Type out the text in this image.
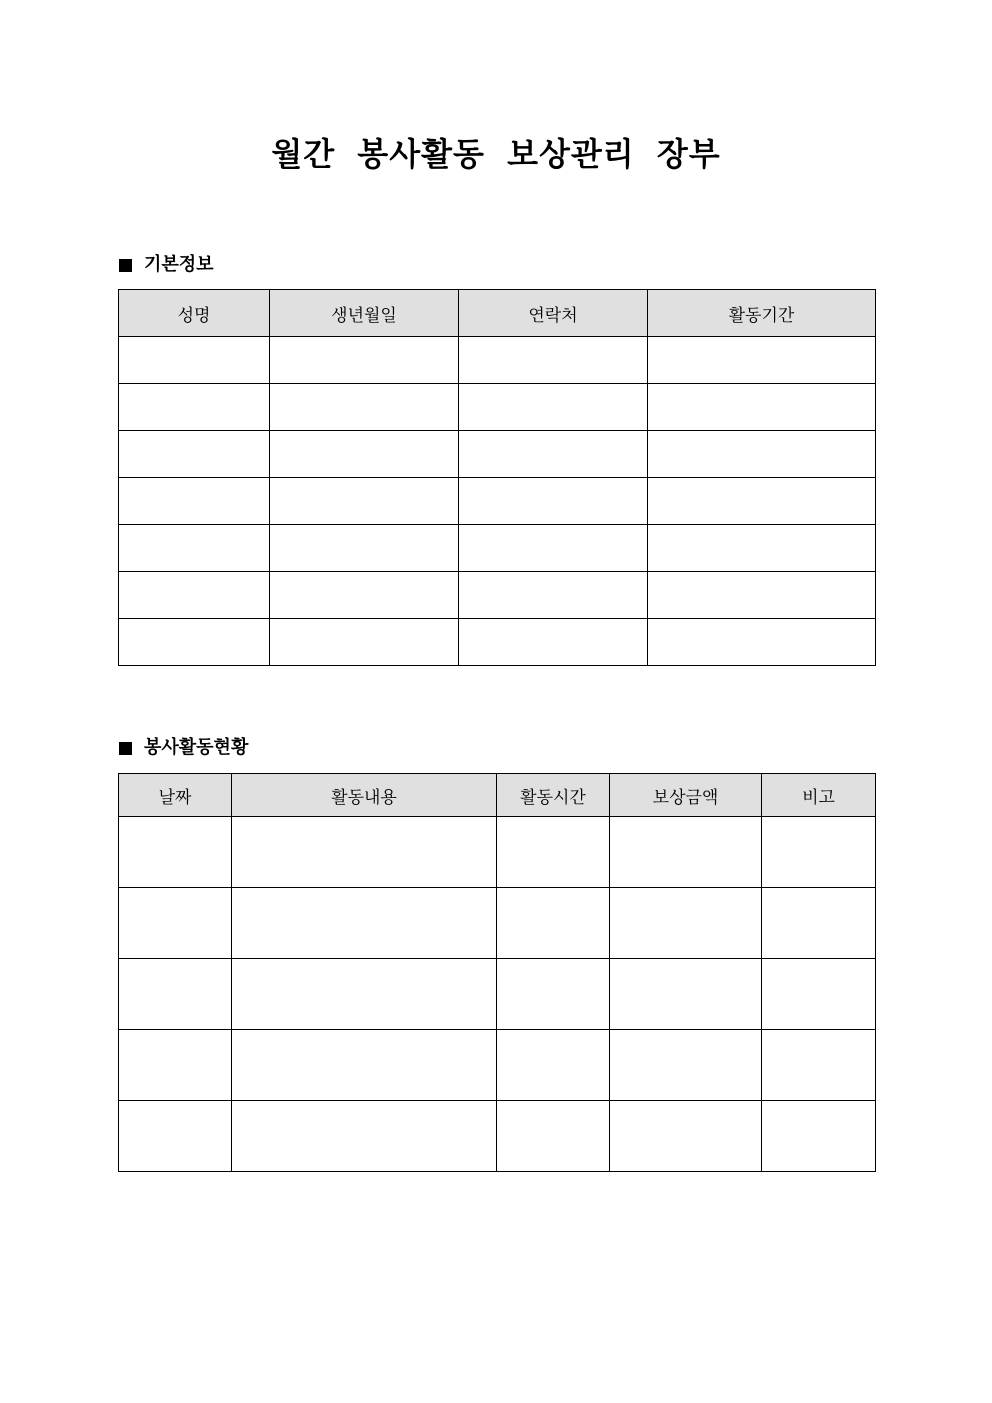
월간 봉사활동 보상관리 장부
기본정보
성명	생년월일	연락처	활동기간

봉사활동현황
날짜	활동내용	활동시간	보상금액	비고
